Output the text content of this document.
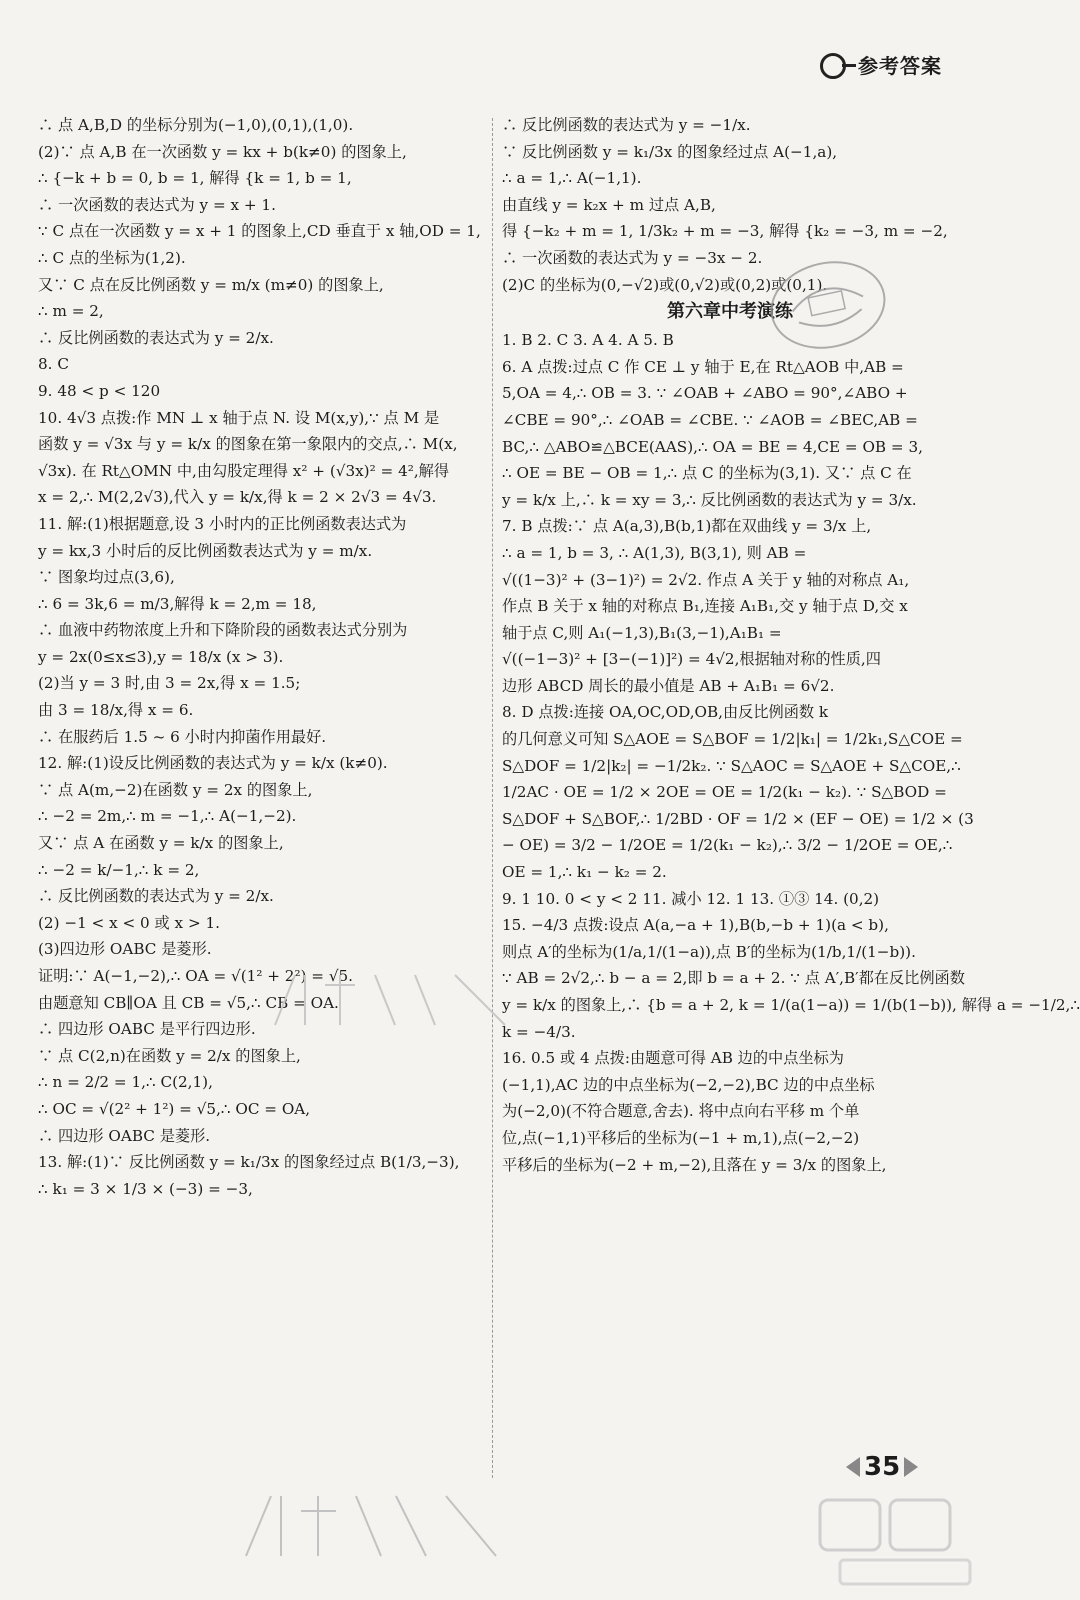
参考答案
∴ 点 A,B,D 的坐标分别为(−1,0),(0,1),(1,0).
(2)∵ 点 A,B 在一次函数 y = kx + b(k≠0) 的图象上,
∴ {−k + b = 0, b = 1, 解得 {k = 1, b = 1,
∴ 一次函数的表达式为 y = x + 1.
∵ C 点在一次函数 y = x + 1 的图象上,CD 垂直于 x 轴,OD = 1,
∴ C 点的坐标为(1,2).
又∵ C 点在反比例函数 y = m/x (m≠0) 的图象上,
∴ m = 2,
∴ 反比例函数的表达式为 y = 2/x.
8. C
9. 48 < p < 120
10. 4√3 点拨:作 MN ⊥ x 轴于点 N. 设 M(x,y),∵ 点 M 是
函数 y = √3x 与 y = k/x 的图象在第一象限内的交点,∴ M(x,
√3x). 在 Rt△OMN 中,由勾股定理得 x² + (√3x)² = 4²,解得
x = 2,∴ M(2,2√3),代入 y = k/x,得 k = 2 × 2√3 = 4√3.
11. 解:(1)根据题意,设 3 小时内的正比例函数表达式为
y = kx,3 小时后的反比例函数表达式为 y = m/x.
∵ 图象均过点(3,6),
∴ 6 = 3k,6 = m/3,解得 k = 2,m = 18,
∴ 血液中药物浓度上升和下降阶段的函数表达式分别为
y = 2x(0≤x≤3),y = 18/x (x > 3).
(2)当 y = 3 时,由 3 = 2x,得 x = 1.5;
由 3 = 18/x,得 x = 6.
∴ 在服药后 1.5 ~ 6 小时内抑菌作用最好.
12. 解:(1)设反比例函数的表达式为 y = k/x (k≠0).
∵ 点 A(m,−2)在函数 y = 2x 的图象上,
∴ −2 = 2m,∴ m = −1,∴ A(−1,−2).
又∵ 点 A 在函数 y = k/x 的图象上,
∴ −2 = k/−1,∴ k = 2,
∴ 反比例函数的表达式为 y = 2/x.
(2) −1 < x < 0 或 x > 1.
(3)四边形 OABC 是菱形.
证明:∵ A(−1,−2),∴ OA = √(1² + 2²) = √5.
由题意知 CB∥OA 且 CB = √5,∴ CB = OA.
∴ 四边形 OABC 是平行四边形.
∵ 点 C(2,n)在函数 y = 2/x 的图象上,
∴ n = 2/2 = 1,∴ C(2,1),
∴ OC = √(2² + 1²) = √5,∴ OC = OA,
∴ 四边形 OABC 是菱形.
13. 解:(1)∵ 反比例函数 y = k₁/3x 的图象经过点 B(1/3,−3),
∴ k₁ = 3 × 1/3 × (−3) = −3,
∴ 反比例函数的表达式为 y = −1/x.
∵ 反比例函数 y = k₁/3x 的图象经过点 A(−1,a),
∴ a = 1,∴ A(−1,1).
由直线 y = k₂x + m 过点 A,B,
得 {−k₂ + m = 1, 1/3k₂ + m = −3, 解得 {k₂ = −3, m = −2,
∴ 一次函数的表达式为 y = −3x − 2.
(2)C 的坐标为(0,−√2)或(0,√2)或(0,2)或(0,1).
第六章中考演练
1. B 2. C 3. A 4. A 5. B
6. A 点拨:过点 C 作 CE ⊥ y 轴于 E,在 Rt△AOB 中,AB =
5,OA = 4,∴ OB = 3. ∵ ∠OAB + ∠ABO = 90°,∠ABO +
∠CBE = 90°,∴ ∠OAB = ∠CBE. ∵ ∠AOB = ∠BEC,AB =
BC,∴ △ABO≌△BCE(AAS),∴ OA = BE = 4,CE = OB = 3,
∴ OE = BE − OB = 1,∴ 点 C 的坐标为(3,1). 又∵ 点 C 在
y = k/x 上,∴ k = xy = 3,∴ 反比例函数的表达式为 y = 3/x.
7. B 点拨:∵ 点 A(a,3),B(b,1)都在双曲线 y = 3/x 上,
∴ a = 1, b = 3, ∴ A(1,3), B(3,1), 则 AB =
√((1−3)² + (3−1)²) = 2√2. 作点 A 关于 y 轴的对称点 A₁,
作点 B 关于 x 轴的对称点 B₁,连接 A₁B₁,交 y 轴于点 D,交 x
轴于点 C,则 A₁(−1,3),B₁(3,−1),A₁B₁ =
√((−1−3)² + [3−(−1)]²) = 4√2,根据轴对称的性质,四
边形 ABCD 周长的最小值是 AB + A₁B₁ = 6√2.
8. D 点拨:连接 OA,OC,OD,OB,由反比例函数 k
的几何意义可知 S△AOE = S△BOF = 1/2|k₁| = 1/2k₁,S△COE =
S△DOF = 1/2|k₂| = −1/2k₂. ∵ S△AOC = S△AOE + S△COE,∴
1/2AC · OE = 1/2 × 2OE = OE = 1/2(k₁ − k₂). ∵ S△BOD =
S△DOF + S△BOF,∴ 1/2BD · OF = 1/2 × (EF − OE) = 1/2 × (3
− OE) = 3/2 − 1/2OE = 1/2(k₁ − k₂),∴ 3/2 − 1/2OE = OE,∴
OE = 1,∴ k₁ − k₂ = 2.
9. 1 10. 0 < y < 2 11. 减小 12. 1 13. ①③ 14. (0,2)
15. −4/3 点拨:设点 A(a,−a + 1),B(b,−b + 1)(a < b),
则点 A′的坐标为(1/a,1/(1−a)),点 B′的坐标为(1/b,1/(1−b)).
∵ AB = 2√2,∴ b − a = 2,即 b = a + 2. ∵ 点 A′,B′都在反比例函数
y = k/x 的图象上,∴ {b = a + 2, k = 1/(a(1−a)) = 1/(b(1−b)), 解得 a = −1/2,∴
k = −4/3.
16. 0.5 或 4 点拨:由题意可得 AB 边的中点坐标为
(−1,1),AC 边的中点坐标为(−2,−2),BC 边的中点坐标
为(−2,0)(不符合题意,舍去). 将中点向右平移 m 个单
位,点(−1,1)平移后的坐标为(−1 + m,1),点(−2,−2)
平移后的坐标为(−2 + m,−2),且落在 y = 3/x 的图象上,
35
